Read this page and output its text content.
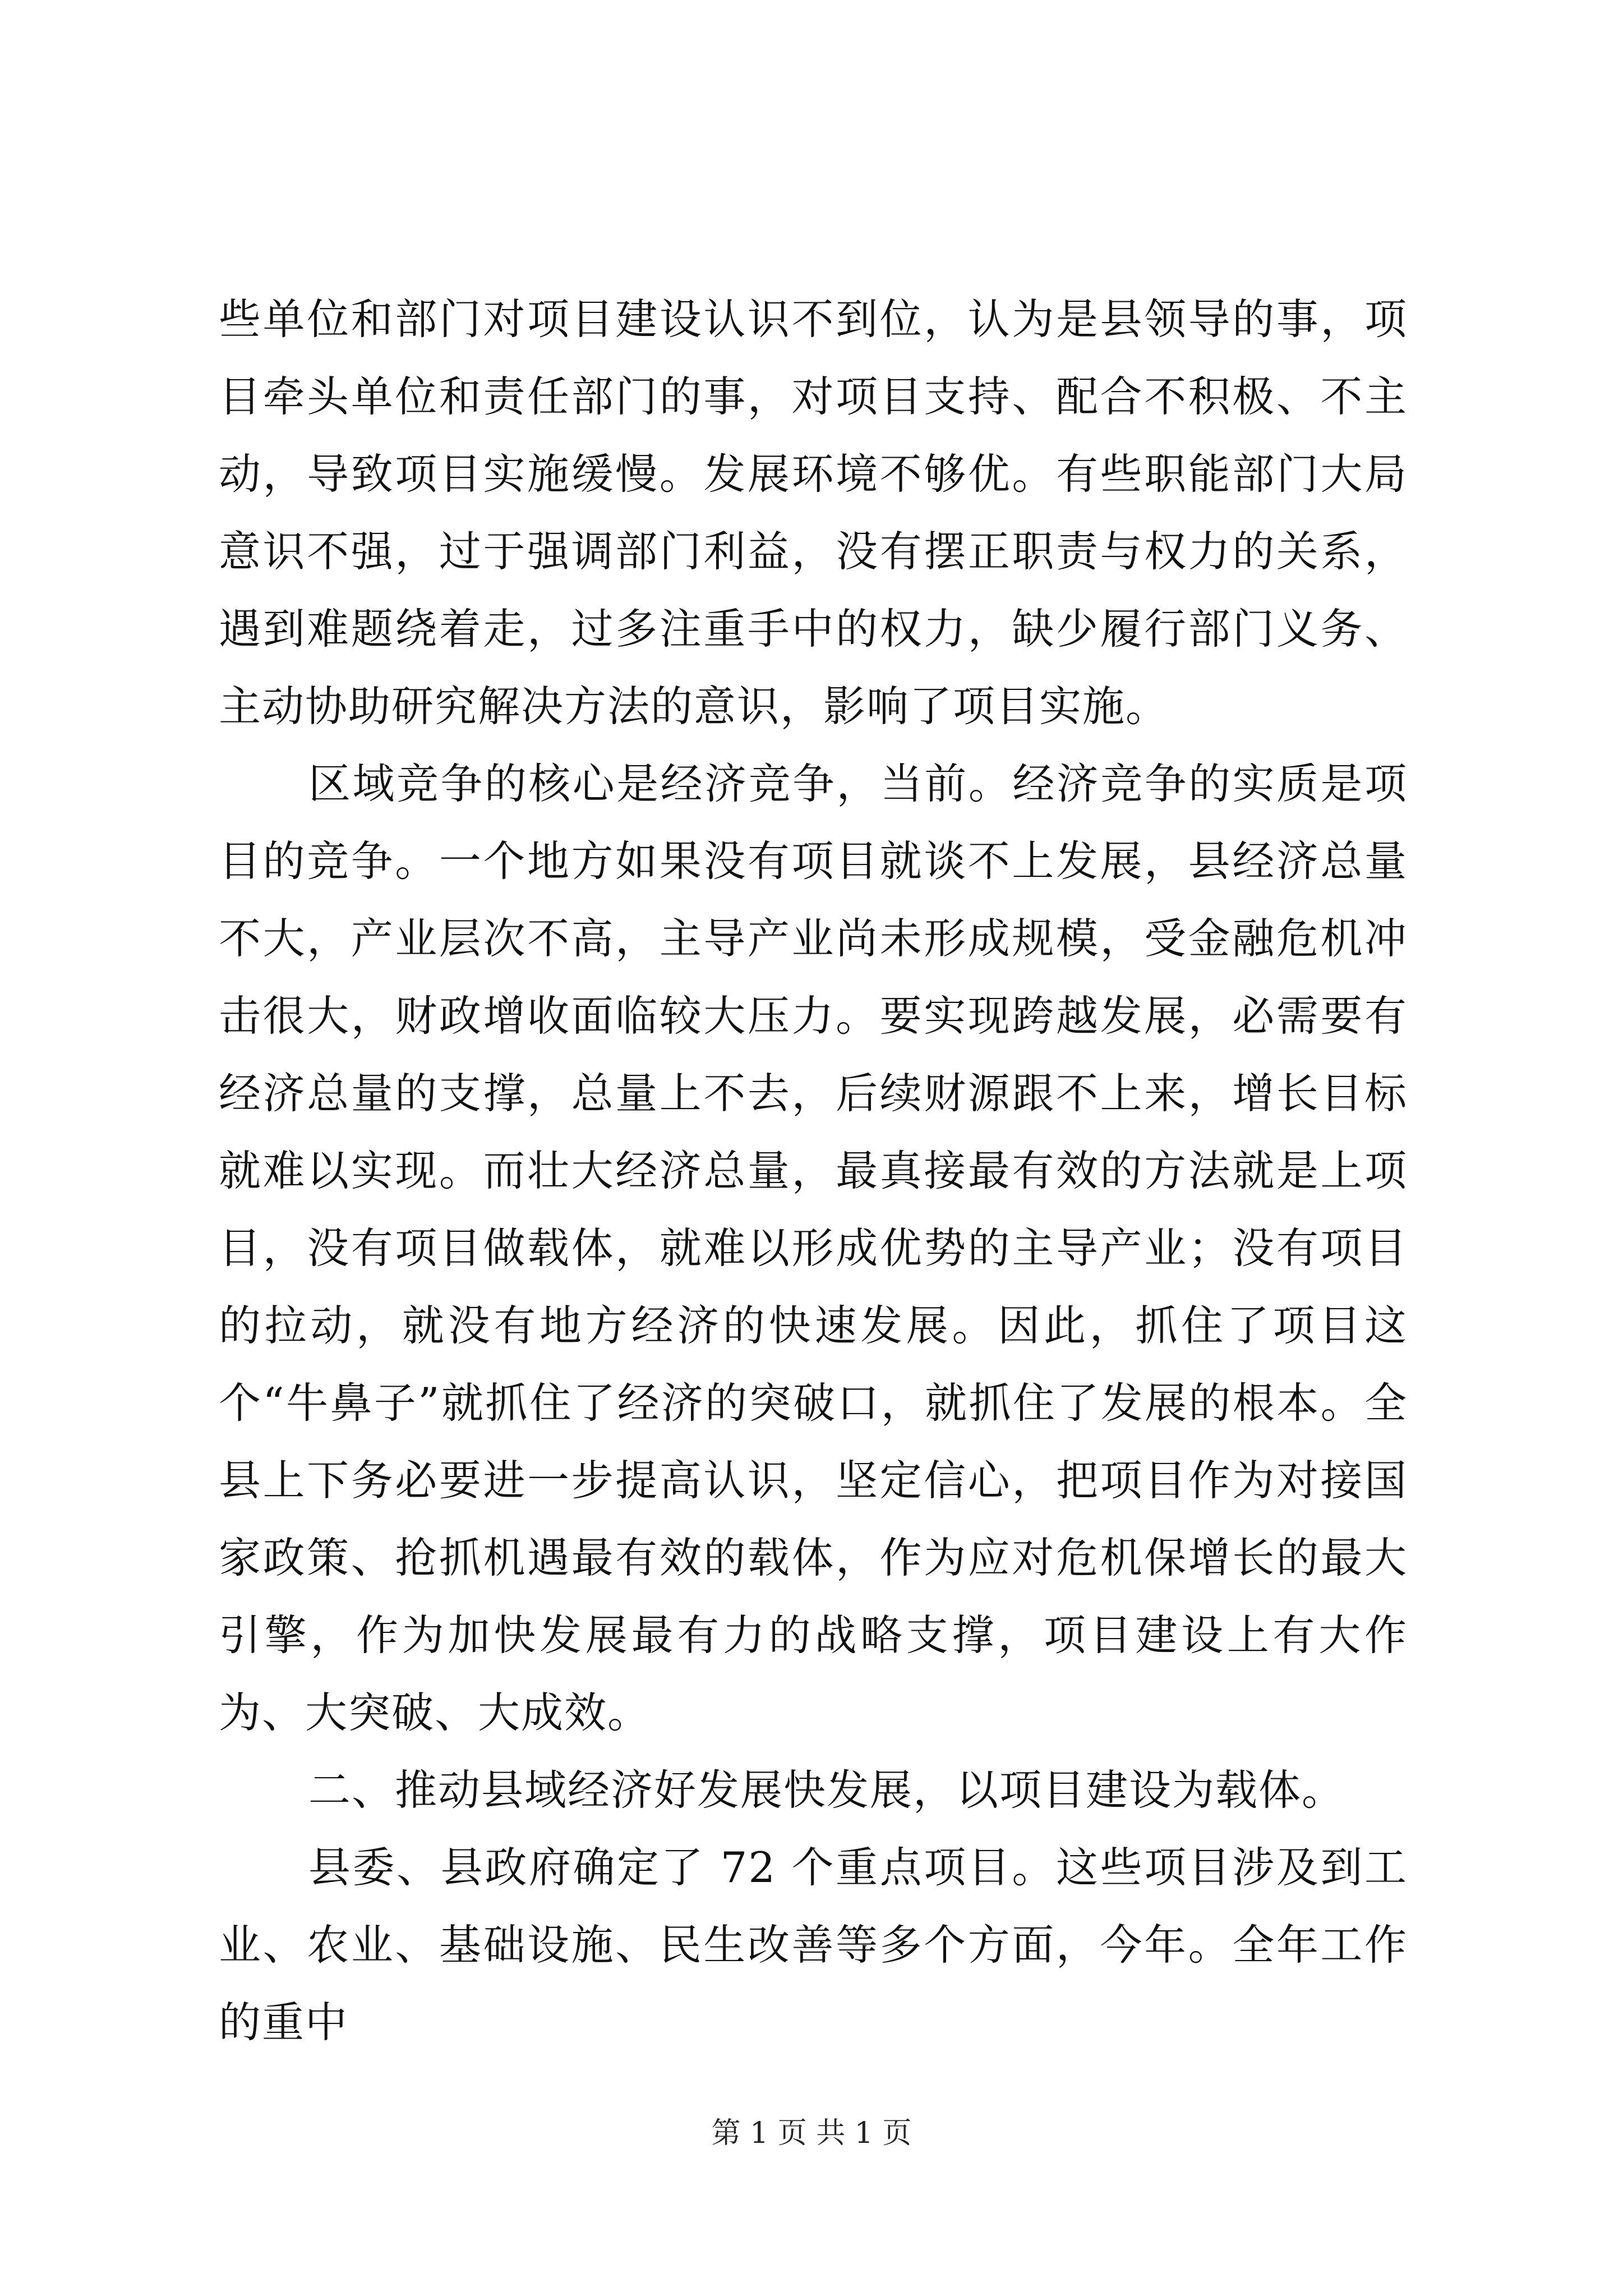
些单位和部门对项目建设认识不到位，认为是县领导的事，项目牵头单位和责任部门的事，对项目支持、配合不积极、不主动，导致项目实施缓慢。发展环境不够优。有些职能部门大局意识不强，过于强调部门利益，没有摆正职责与权力的关系，遇到难题绕着走，过多注重手中的权力，缺少履行部门义务、主动协助研究解决方法的意识，影响了项目实施。

区域竞争的核心是经济竞争，当前。经济竞争的实质是项目的竞争。一个地方如果没有项目就谈不上发展，县经济总量不大，产业层次不高，主导产业尚未形成规模，受金融危机冲击很大，财政增收面临较大压力。要实现跨越发展，必需要有经济总量的支撑，总量上不去，后续财源跟不上来，增长目标就难以实现。而壮大经济总量，最真接最有效的方法就是上项目，没有项目做载体，就难以形成优势的主导产业；没有项目的拉动，就没有地方经济的快速发展。因此，抓住了项目这个“牛鼻子”就抓住了经济的突破口，就抓住了发展的根本。全县上下务必要进一步提高认识，坚定信心，把项目作为对接国家政策、抢抓机遇最有效的载体，作为应对危机保增长的最大引擎，作为加快发展最有力的战略支撑，项目建设上有大作为、大突破、大成效。

二、推动县域经济好发展快发展，以项目建设为载体。

县委、县政府确定了 72 个重点项目。这些项目涉及到工业、农业、基础设施、民生改善等多个方面，今年。全年工作的重中

第 1 页 共 1 页
